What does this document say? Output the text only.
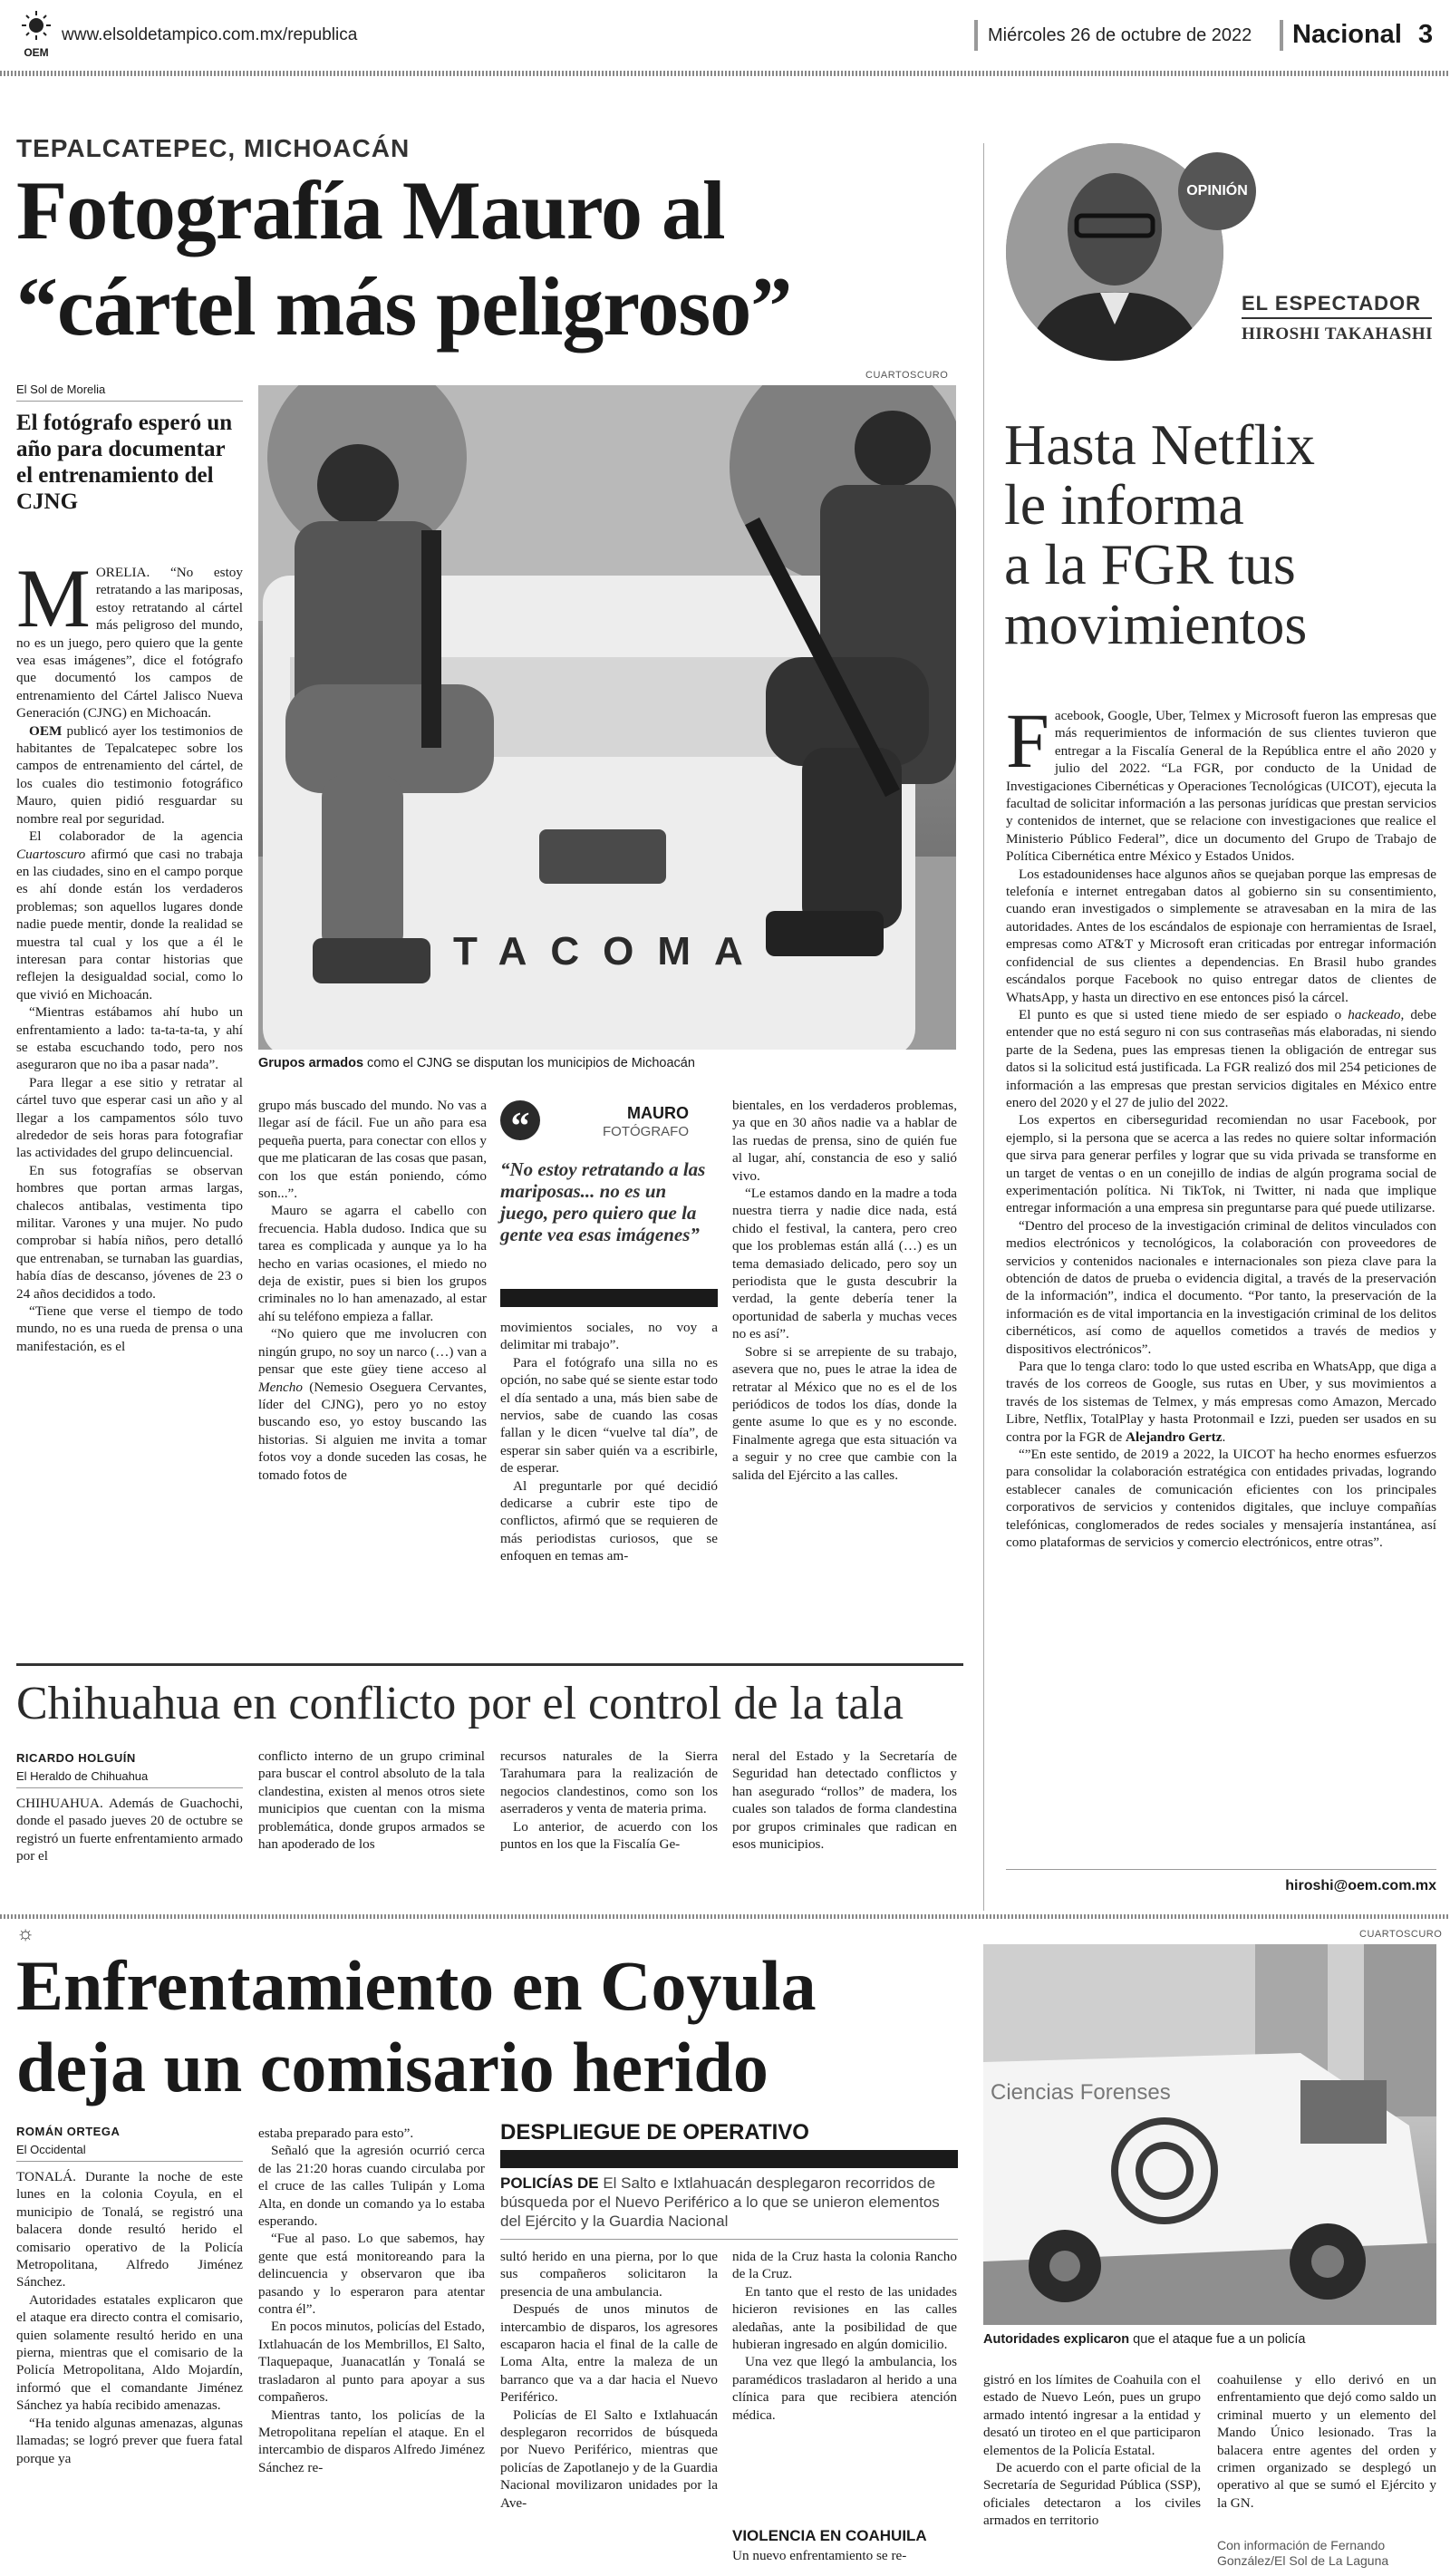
OEM
www.elsoldetampico.com.mx/republica	Miércoles 26 de octubre de 2022 Nacional 3
TEPALCATEPEC, MICHOACÁN
Fotografía Mauro al
“cártel más peligroso”
El Sol de Morelia
El fotógrafo esperó un año para documentar el entrenamiento del CJNG
M ORELIA. “No estoy retratando a las mariposas, estoy retratando al cártel más peligroso del mundo, no es un juego, pero quiero que la gente vea esas imágenes”, dice el fotógrafo que documentó los campos de entrenamiento del Cártel Jalisco Nueva Generación (CJNG) en Michoacán.

OEM publicó ayer los testimonios de habitantes de Tepalcatepec sobre los campos de entrenamiento del cártel, de los cuales dio testimonio fotográfico Mauro, quien pidió resguardar su nombre real por seguridad.

El colaborador de la agencia Cuartoscuro afirmó que casi no trabaja en las ciudades, sino en el campo porque es ahí donde están los verdaderos problemas; son aquellos lugares donde nadie puede mentir, donde la realidad se muestra tal cual y los que a él le interesan para contar historias que reflejen la desigualdad social, como lo que vivió en Michoacán.

“Mientras estábamos ahí hubo un enfrentamiento a lado: ta-ta-ta-ta, y ahí se estaba escuchando todo, pero nos aseguraron que no iba a pasar nada”.

Para llegar a ese sitio y retratar al cártel tuvo que esperar casi un año y al llegar a los campamentos sólo tuvo alrededor de seis horas para fotografiar las actividades del grupo delincuencial.

En sus fotografías se observan hombres que portan armas largas, chalecos antibalas, vestimenta tipo militar. Varones y una mujer. No pudo comprobar si había niños, pero detalló que entrenaban, se turnaban las guardias, había días de descanso, jóvenes de 23 o 24 años decididos a todo.

“Tiene que verse el tiempo de todo mundo, no es una rueda de prensa o una manifestación, es el

CUARTOSCURO
TACOMA
Grupos armados como el CJNG se disputan los municipios de Michoacán

grupo más buscado del mundo. No vas a llegar así de fácil. Fue un año para esa pequeña puerta, para conectar con ellos y que me platicaran de las cosas que pasan, con los que están poniendo, cómo son...”.

Mauro se agarra el cabello con frecuencia. Habla dudoso. Indica que su tarea es complicada y aunque ya lo ha hecho en varias ocasiones, el miedo no deja de existir, pues si bien los grupos criminales no lo han amenazado, al estar ahí su teléfono empieza a fallar.

“No quiero que me involucren con ningún grupo, no soy un narco (…) van a pensar que este güey tiene acceso al Mencho (Nemesio Oseguera Cervantes, líder del CJNG), pero yo no estoy buscando eso, yo estoy buscando las historias. Si alguien me invita a tomar fotos voy a donde suceden las cosas, he tomado fotos de

“	MAURO
FOTÓGRAFO
“No estoy retratando a las mariposas... no es un juego, pero quiero que la gente vea esas imágenes”

movimientos sociales, no voy a delimitar mi trabajo”.

Para el fotógrafo una silla no es opción, no sabe qué se siente estar todo el día sentado a una, más bien sabe de nervios, sabe de cuando las cosas fallan y le dicen “vuelve tal día”, de esperar sin saber quién va a escribirle, de esperar.

Al preguntarle por qué decidió dedicarse a cubrir este tipo de conflictos, afirmó que se requieren de más periodistas curiosos, que se enfoquen en temas am-

bientales, en los verdaderos problemas, ya que en 30 años nadie va a hablar de las ruedas de prensa, sino de quién fue al lugar, ahí, constancia de eso y salió vivo.

“Le estamos dando en la madre a toda nuestra tierra y nadie dice nada, está chido el festival, la cantera, pero creo que los problemas están allá (…) es un tema demasiado delicado, pero soy un periodista que le gusta descubrir la verdad, la gente debería tener la oportunidad de saberla y muchas veces no es así”.

Sobre si se arrepiente de su trabajo, asevera que no, pues le atrae la idea de retratar al México que no es el de los periódicos de todos los días, donde la gente asume lo que es y no esconde. Finalmente agrega que esta situación va a seguir y no cree que cambie con la salida del Ejército a las calles.

OPINIÓN
EL ESPECTADOR
HIROSHI TAKAHASHI
Hasta Netflix
le informa
a la FGR tus
movimientos
F acebook, Google, Uber, Telmex y Microsoft fueron las empresas que más requerimientos de información de sus clientes tuvieron que entregar a la Fiscalía General de la República entre el año 2020 y julio del 2022. “La FGR, por conducto de la Unidad de Investigaciones Cibernéticas y Operaciones Tecnológicas (UICOT), ejecuta la facultad de solicitar información a las personas jurídicas que prestan servicios y contenidos de internet, que se relacione con investigaciones que realice el Ministerio Público Federal”, dice un documento del Grupo de Trabajo de Política Cibernética entre México y Estados Unidos.

Los estadounidenses hace algunos años se quejaban porque las empresas de telefonía e internet entregaban datos al gobierno sin su consentimiento, cuando eran investigados o simplemente se atravesaban en la mira de las autoridades. Antes de los escándalos de espionaje con herramientas de Israel, empresas como AT&T y Microsoft eran criticadas por entregar información confidencial de sus clientes a dependencias. En Brasil hubo grandes escándalos porque Facebook no quiso entregar datos de clientes de WhatsApp, y hasta un directivo en ese entonces pisó la cárcel.

El punto es que si usted tiene miedo de ser espiado o hackeado, debe entender que no está seguro ni con sus contraseñas más elaboradas, ni siendo parte de la Sedena, pues las empresas tienen la obligación de entregar sus datos si la solicitud está justificada. La FGR realizó dos mil 254 peticiones de información a las empresas que prestan servicios digitales en México entre enero del 2020 y el 27 de julio del 2022.

Los expertos en ciberseguridad recomiendan no usar Facebook, por ejemplo, si la persona que se acerca a las redes no quiere soltar información que sirva para generar perfiles y lograr que su vida privada se transforme en un target de ventas o en un conejillo de indias de algún programa social de experimentación política. Ni TikTok, ni Twitter, ni nada que implique entregar información a una empresa sin preguntarse para qué puede utilizarse.

“Dentro del proceso de la investigación criminal de delitos vinculados con medios electrónicos y tecnológicos, la colaboración con proveedores de servicios y contenidos nacionales e internacionales son pieza clave para la obtención de datos de prueba o evidencia digital, a través de la preservación de la información”, indica el documento. “Por tanto, la preservación de la información es de vital importancia en la investigación criminal de los delitos cibernéticos, así como de aquellos cometidos a través de medios y dispositivos electrónicos”.

Para que lo tenga claro: todo lo que usted escriba en WhatsApp, que diga a través de los correos de Google, sus rutas en Uber, y sus movimientos a través de los sistemas de Telmex, y más empresas como Amazon, Mercado Libre, Netflix, TotalPlay y hasta Protonmail e Izzi, pueden ser usados en su contra por la FGR de Alejandro Gertz.

“”En este sentido, de 2019 a 2022, la UICOT ha hecho enormes esfuerzos para consolidar la colaboración estratégica con entidades privadas, logrando establecer canales de comunicación eficientes con los principales corporativos de servicios y contenidos digitales, que incluye compañías telefónicas, conglomerados de redes sociales y mensajería instantánea, así como plataformas de servicios y comercio electrónicos, entre otras”.

hiroshi@oem.com.mx
Chihuahua en conflicto por el control de la tala
RICARDO HOLGUÍN
El Heraldo de Chihuahua

CHIHUAHUA. Además de Guachochi, donde el pasado jueves 20 de octubre se registró un fuerte enfrentamiento armado por el

conflicto interno de un grupo criminal para buscar el control absoluto de la tala clandestina, existen al menos otros siete municipios que cuentan con la misma problemática, donde grupos armados se han apoderado de los

recursos naturales de la Sierra Tarahumara para la realización de negocios clandestinos, como son los aserraderos y venta de materia prima.

Lo anterior, de acuerdo con los puntos en los que la Fiscalía Ge-

neral del Estado y la Secretaría de Seguridad han detectado conflictos y han asegurado “rollos” de madera, los cuales son talados de forma clandestina por grupos criminales que radican en esos municipios.

☼
Enfrentamiento en Coyula
deja un comisario herido
ROMÁN ORTEGA
El Occidental

TONALÁ. Durante la noche de este lunes en la colonia Coyula, en el municipio de Tonalá, se registró una balacera donde resultó herido el comisario operativo de la Policía Metropolitana, Alfredo Jiménez Sánchez.

Autoridades estatales explicaron que el ataque era directo contra el comisario, quien solamente resultó herido en una pierna, mientras que el comisario de la Policía Metropolitana, Aldo Mojardín, informó que el comandante Jiménez Sánchez ya había recibido amenazas.

“Ha tenido algunas amenazas, algunas llamadas; se logró prever que fuera fatal porque ya

estaba preparado para esto”.

Señaló que la agresión ocurrió cerca de las 21:20 horas cuando circulaba por el cruce de las calles Tulipán y Loma Alta, en donde un comando ya lo estaba esperando.

“Fue al paso. Lo que sabemos, hay gente que está monitoreando para la delincuencia y observaron que iba pasando y lo esperaron para atentar contra él”.

En pocos minutos, policías del Estado, Ixtlahuacán de los Membrillos, El Salto, Tlaquepaque, Juanacatlán y Tonalá se trasladaron al punto para apoyar a sus compañeros.

Mientras tanto, los policías de la Metropolitana repelían el ataque. En el intercambio de disparos Alfredo Jiménez Sánchez re-

DESPLIEGUE DE OPERATIVO
POLICÍAS DE El Salto e Ixtlahuacán desplegaron recorridos de búsqueda por el Nuevo Periférico a lo que se unieron elementos del Ejército y la Guardia Nacional

sultó herido en una pierna, por lo que sus compañeros solicitaron la presencia de una ambulancia.

Después de unos minutos de intercambio de disparos, los agresores escaparon hacia el final de la calle de Loma Alta, entre la maleza de un barranco que va a dar hacia el Nuevo Periférico.

Policías de El Salto e Ixtlahuacán desplegaron recorridos de búsqueda por Nuevo Periférico, mientras que policías de Zapotlanejo y de la Guardia Nacional movilizaron unidades por la Ave-

nida de la Cruz hasta la colonia Rancho de la Cruz.

En tanto que el resto de las unidades hicieron revisiones en las calles aledañas, ante la posibilidad de que hubieran ingresado en algún domicilio.

Una vez que llegó la ambulancia, los paramédicos trasladaron al herido a una clínica para que recibiera atención médica.

VIOLENCIA EN COAHUILA

Un nuevo enfrentamiento se re-

CUARTOSCURO
Ciencias Forenses
Autoridades explicaron que el ataque fue a un policía

gistró en los límites de Coahuila con el estado de Nuevo León, pues un grupo armado intentó ingresar a la entidad y desató un tiroteo en el que participaron elementos de la Policía Estatal.

De acuerdo con el parte oficial de la Secretaría de Seguridad Pública (SSP), oficiales detectaron a los civiles armados en territorio

coahuilense y ello derivó en un enfrentamiento que dejó como saldo un criminal muerto y un elemento del Mando Único lesionado. Tras la balacera entre agentes del orden y crimen organizado se desplegó un operativo al que se sumó el Ejército y la GN.

Con información de Fernando González/El Sol de La Laguna
